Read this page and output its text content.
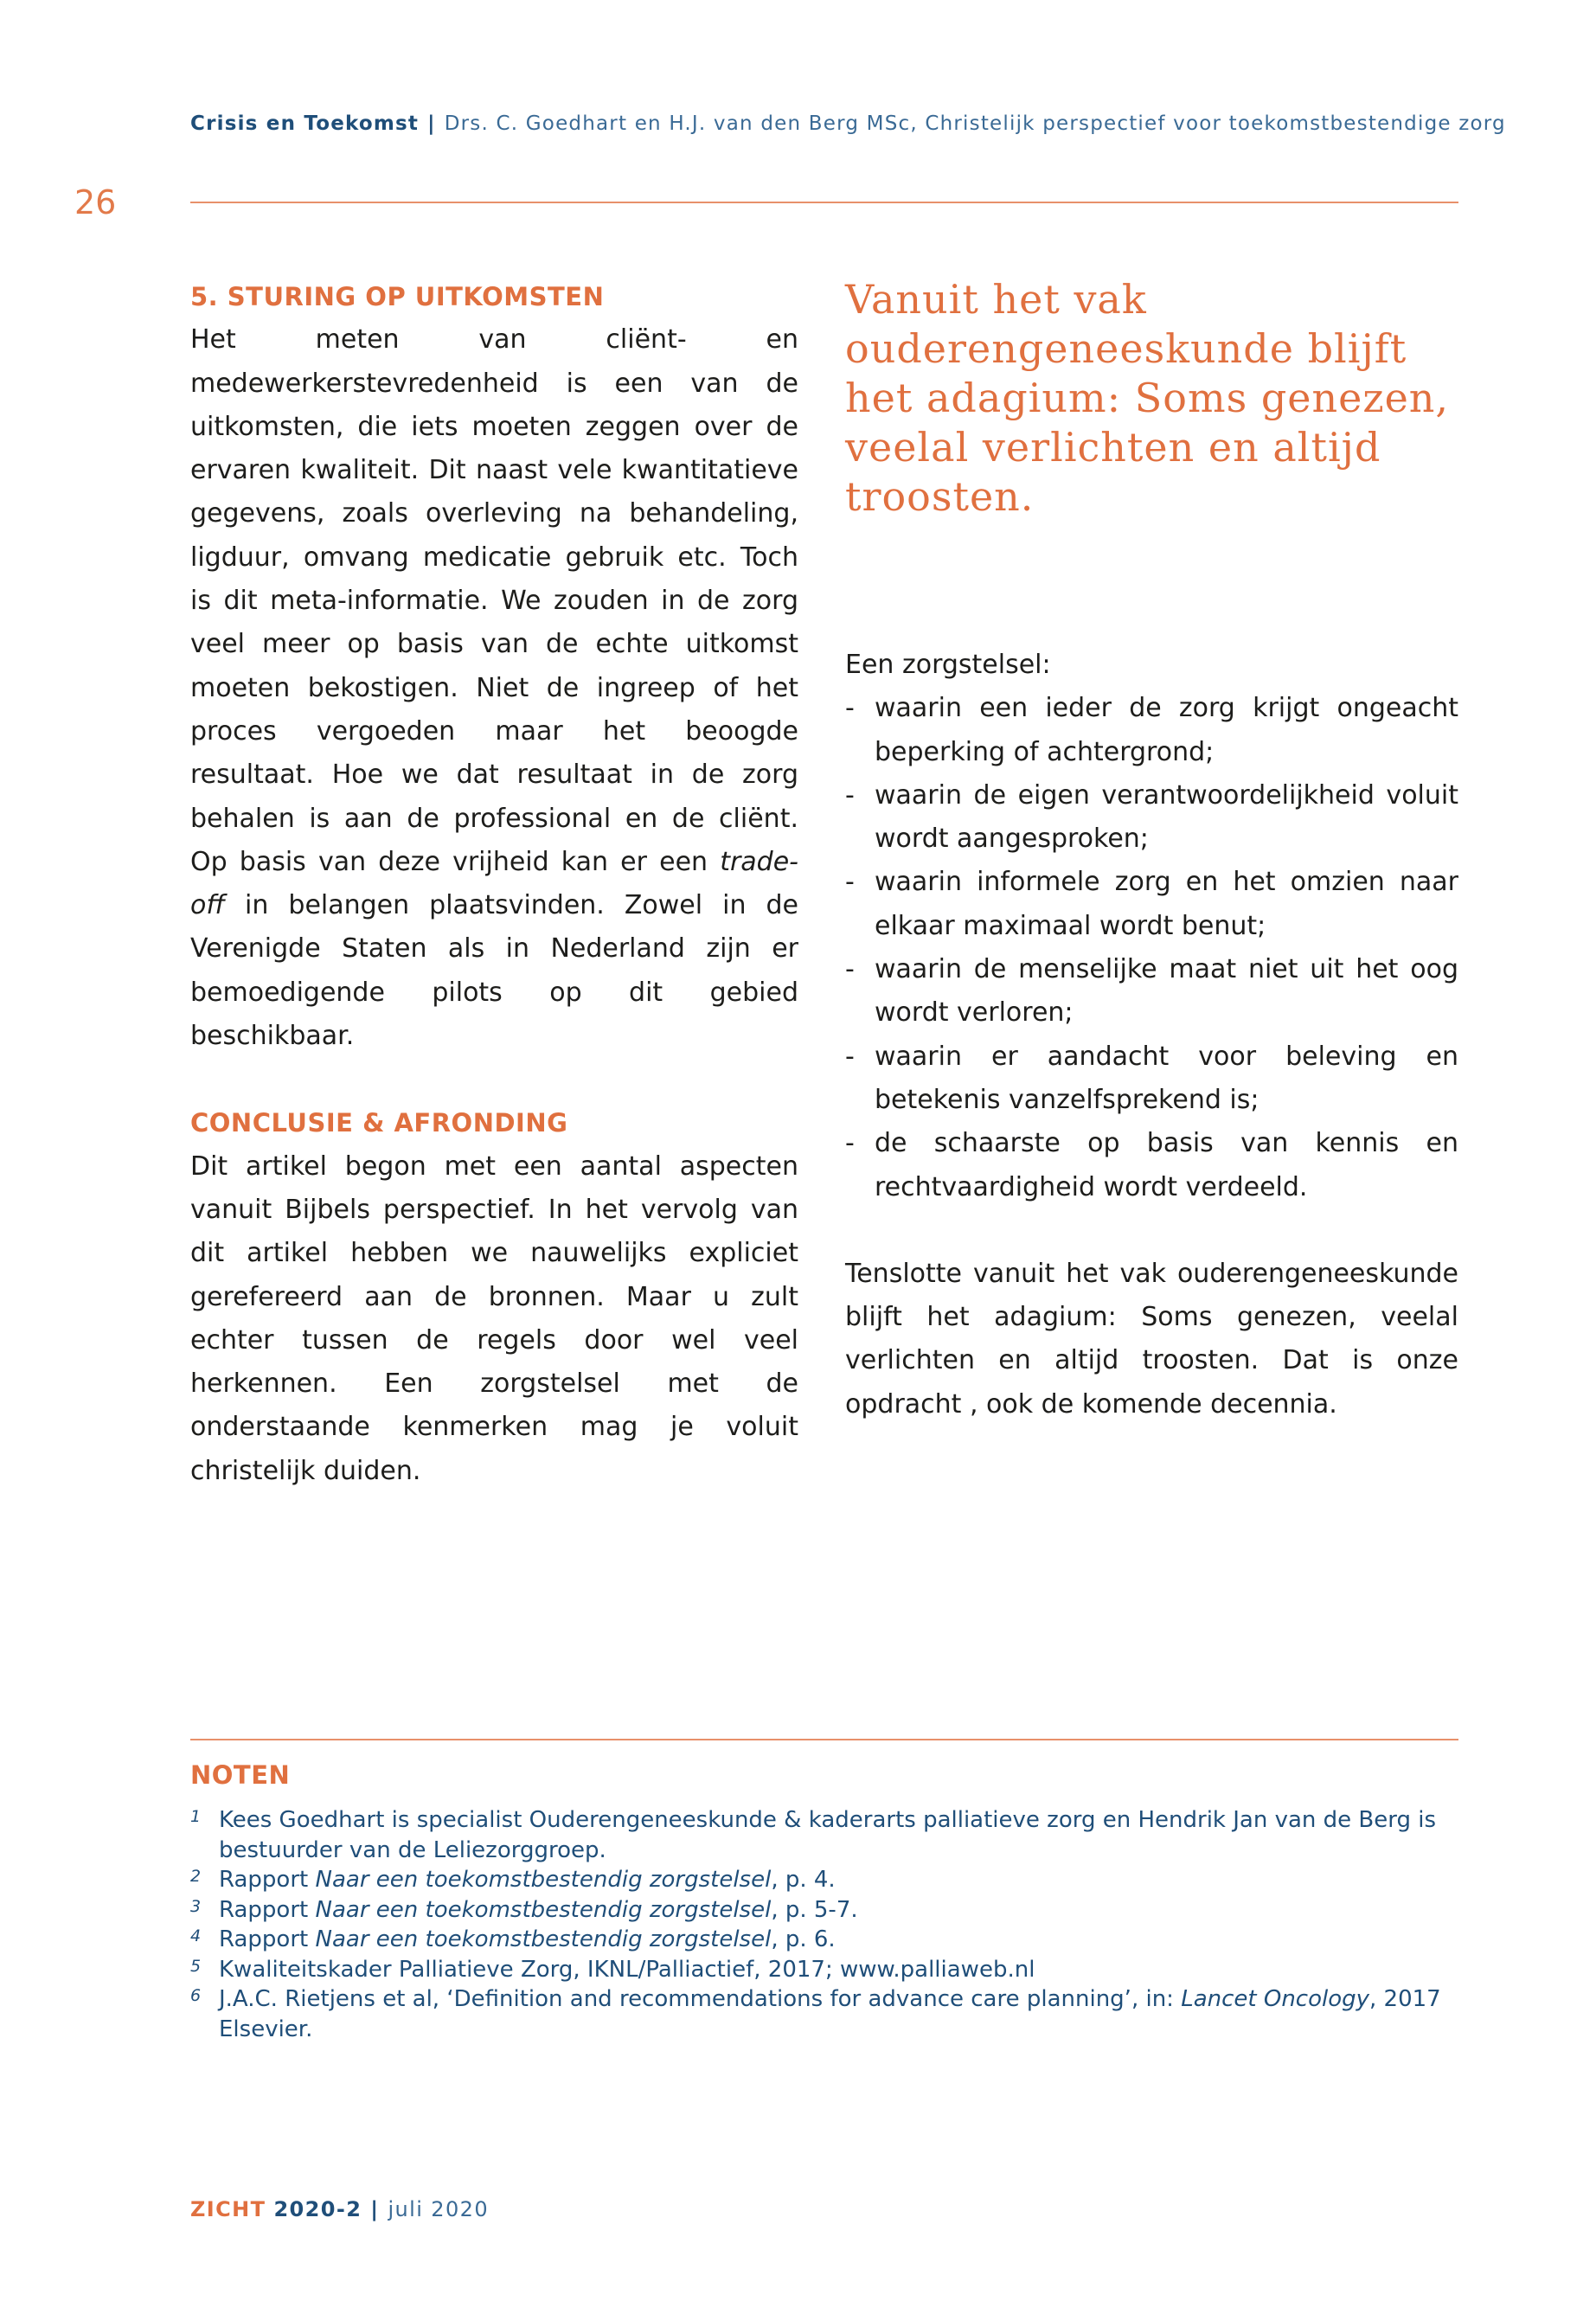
Crisis en Toekomst | Drs. C. Goedhart en H.J. van den Berg MSc, Christelijk perspectief voor toekomstbestendige zorg
26
5. STURING OP UITKOMSTEN

Het meten van cliënt- en medewerkerstevredenheid is een van de uitkomsten, die iets moeten zeggen over de ervaren kwaliteit. Dit naast vele kwantitatieve gegevens, zoals overleving na behandeling, ligduur, omvang medicatie gebruik etc. Toch is dit meta-informatie. We zouden in de zorg veel meer op basis van de echte uitkomst moeten bekostigen. Niet de ingreep of het proces vergoeden maar het beoogde resultaat. Hoe we dat resultaat in de zorg behalen is aan de professional en de cliënt. Op basis van deze vrijheid kan er een trade-off in belangen plaatsvinden. Zowel in de Verenigde Staten als in Nederland zijn er bemoedigende pilots op dit gebied beschikbaar.

CONCLUSIE & AFRONDING

Dit artikel begon met een aantal aspecten vanuit Bijbels perspectief. In het vervolg van dit artikel hebben we nauwelijks expliciet gerefereerd aan de bronnen. Maar u zult echter tussen de regels door wel veel herkennen. Een zorgstelsel met de onderstaande kenmerken mag je voluit christelijk duiden.

Vanuit het vak ouderengeneeskunde blijft het adagium: Soms genezen, veelal verlichten en altijd troosten.

Een zorgstelsel:
- waarin een ieder de zorg krijgt ongeacht beperking of achtergrond;
- waarin de eigen verantwoordelijkheid voluit wordt aangesproken;
- waarin informele zorg en het omzien naar elkaar maximaal wordt benut;
- waarin de menselijke maat niet uit het oog wordt verloren;
- waarin er aandacht voor beleving en betekenis vanzelfsprekend is;
- de schaarste op basis van kennis en rechtvaardigheid wordt verdeeld.

Tenslotte vanuit het vak ouderengeneeskunde blijft het adagium: Soms genezen, veelal verlichten en altijd troosten. Dat is onze opdracht , ook de komende decennia.

NOTEN
1 Kees Goedhart is specialist Ouderengeneeskunde & kaderarts palliatieve zorg en Hendrik Jan van de Berg is bestuurder van de Leliezorggroep.
2 Rapport Naar een toekomstbestendig zorgstelsel, p. 4.
3 Rapport Naar een toekomstbestendig zorgstelsel, p. 5-7.
4 Rapport Naar een toekomstbestendig zorgstelsel, p. 6.
5 Kwaliteitskader Palliatieve Zorg, IKNL/Palliactief, 2017; www.palliaweb.nl
6 J.A.C. Rietjens et al, ‘Definition and recommendations for advance care planning’, in: Lancet Oncology, 2017 Elsevier.
ZICHT 2020-2 | juli 2020
